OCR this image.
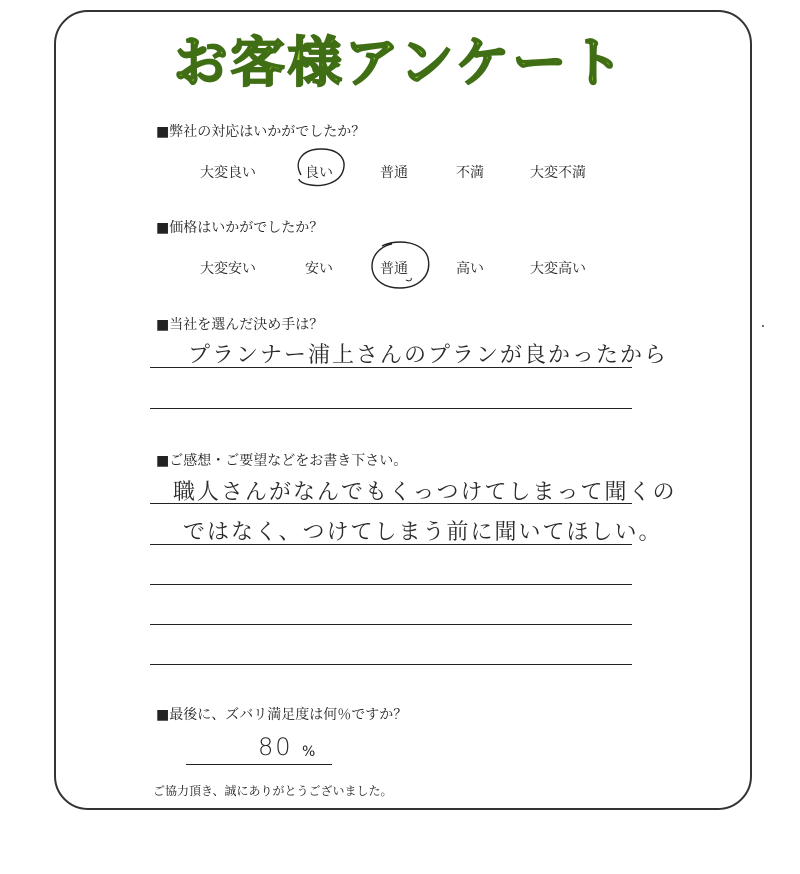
お客様アンケート
■弊社の対応はいかがでしたか？
大変良い	良い	普通	不満	大変不満
■価格はいかがでしたか？
大変安い	安い	普通	高い	大変高い
■当社を選んだ決め手は？
プランナー浦上さんのプランが良かったから
■ご感想・ご要望などをお書き下さい。
職人さんがなんでもくっつけてしまって聞くの
ではなく、つけてしまう前に聞いてほしい。
■最後に、ズバリ満足度は何％ですか？
80 %
ご協力頂き、誠にありがとうございました。
